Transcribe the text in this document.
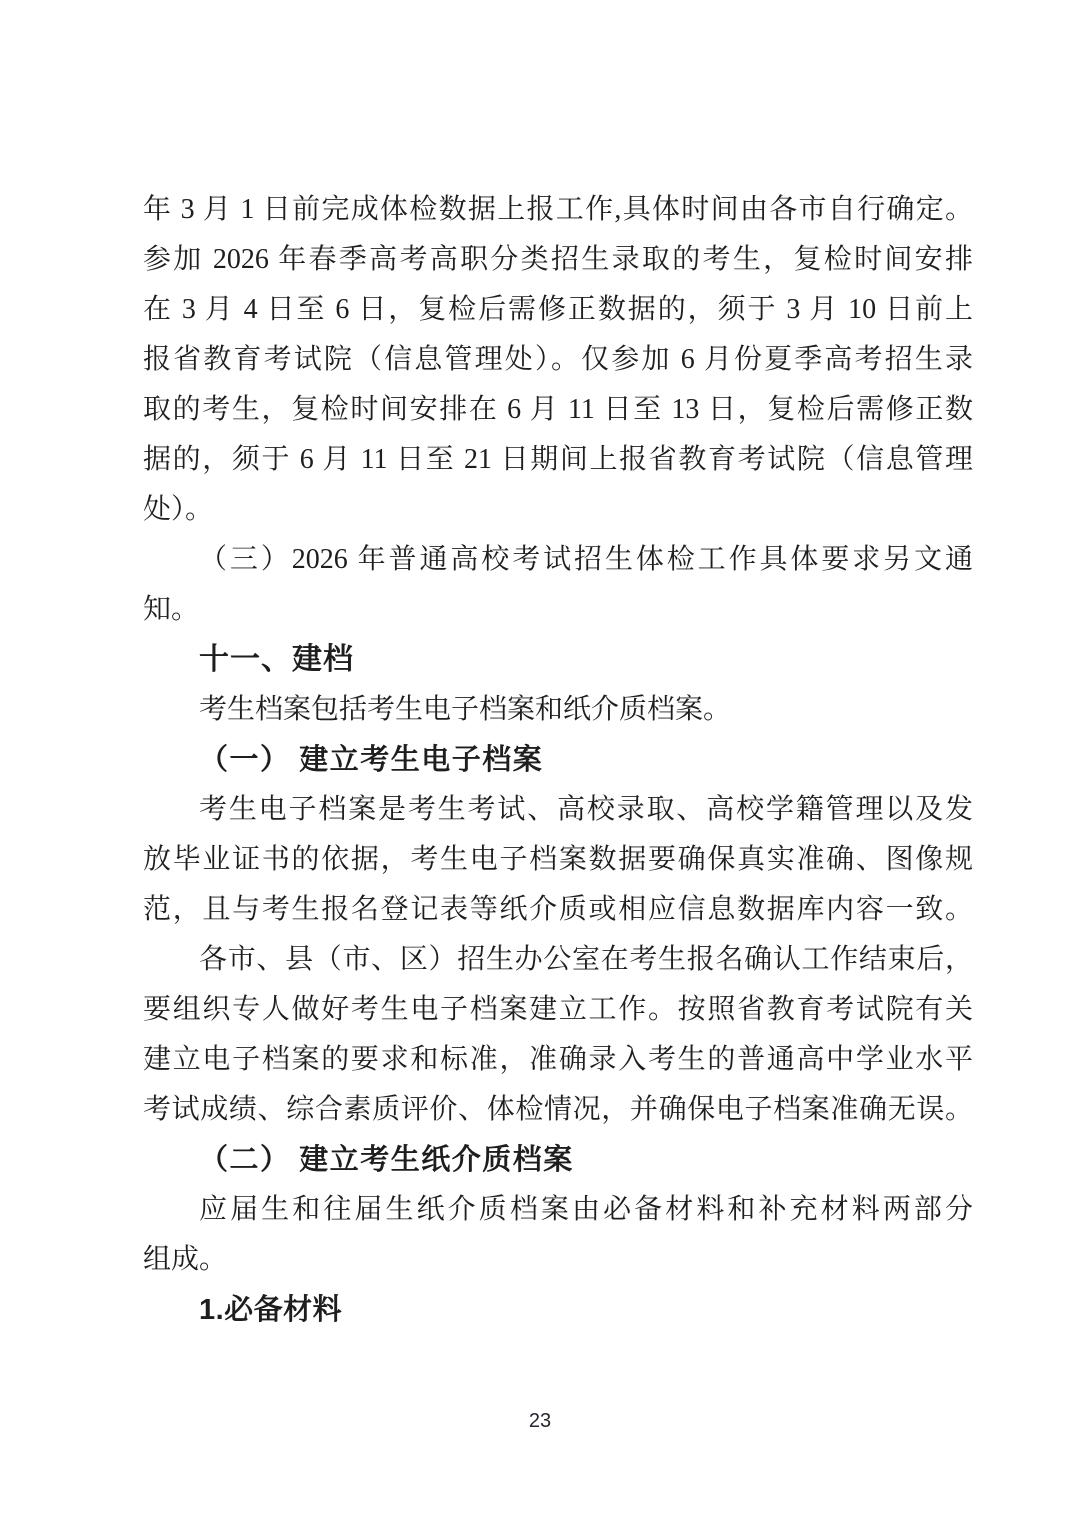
年 3 月 1 日前完成体检数据上报工作,具体时间由各市自行确定。
参加 2026 年春季高考高职分类招生录取的考生，复检时间安排
在 3 月 4 日至 6 日，复检后需修正数据的，须于 3 月 10 日前上
报省教育考试院（信息管理处）。仅参加 6 月份夏季高考招生录
取的考生，复检时间安排在 6 月 11 日至 13 日，复检后需修正数
据的，须于 6 月 11 日至 21 日期间上报省教育考试院（信息管理
处）。
（三）2026 年普通高校考试招生体检工作具体要求另文通
知。
十一、建档
考生档案包括考生电子档案和纸介质档案。
（一） 建立考生电子档案
考生电子档案是考生考试、高校录取、高校学籍管理以及发
放毕业证书的依据，考生电子档案数据要确保真实准确、图像规
范，且与考生报名登记表等纸介质或相应信息数据库内容一致。
各市、县（市、区）招生办公室在考生报名确认工作结束后，
要组织专人做好考生电子档案建立工作。按照省教育考试院有关
建立电子档案的要求和标准，准确录入考生的普通高中学业水平
考试成绩、综合素质评价、体检情况，并确保电子档案准确无误。
（二） 建立考生纸介质档案
应届生和往届生纸介质档案由必备材料和补充材料两部分
组成。
1.必备材料
23
